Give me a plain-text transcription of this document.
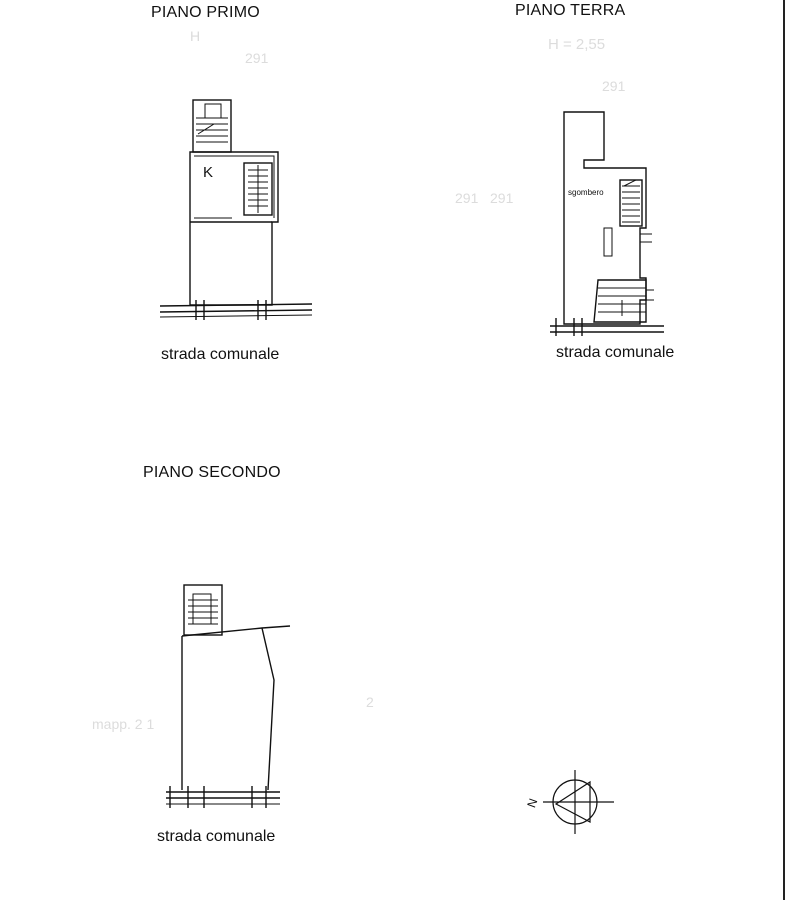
H
291
291
H = 2,55
291
291
mapp. 2 1
2
PIANO PRIMO	PIANO TERRA
PIANO SECONDO
K
sgombero
strada comunale	strada comunale
strada comunale
N
